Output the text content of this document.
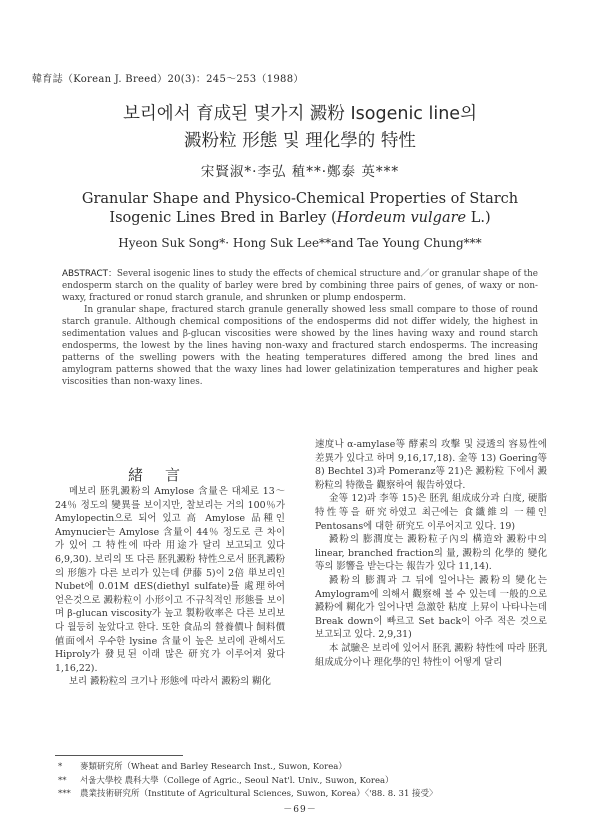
韓育誌（Korean J. Breed）20(3)：245～253（1988）
보리에서 育成된 몇가지 澱粉 Isogenic line의
澱粉粒 形態 및 理化學的 特性
宋賢淑*·李弘 稙**·鄭泰 英***
Granular Shape and Physico-Chemical Properties of Starch
Isogenic Lines Bred in Barley (Hordeum vulgare L.)
Hyeon Suk Song*· Hong Suk Lee**and Tae Young Chung***

ABSTRACT：Several isogenic lines to study the effects of chemical structure and／or granular shape of the endosperm starch on the quality of barley were bred by combining three pairs of genes, of waxy or non-waxy, fractured or ronud starch granule, and shrunken or plump endosperm.

In granular shape, fractured starch granule generally showed less small compare to those of round starch granule. Although chemical compositions of the endosperms did not differ widely, the highest in sedimentation values and β-glucan viscosities were showed by the lines having waxy and round starch endosperms, the lowest by the lines having non-waxy and fractured starch endosperms. The increasing patterns of the swelling powers with the heating temperatures differed among the bred lines and amylogram patterns showed that the waxy lines had lower gelatinization temperatures and higher peak viscosities than non-waxy lines.

緒言

메보리 胚乳澱粉의 Amylose 含量은 대체로 13～24％ 정도의 變異를 보이지만, 찰보리는 거의 100％가 Amylopectin으로 되어 있고 高 Amylose 品種인 Amynucier는 Amylose 含量이 44％ 정도로 큰 차이가 있어 그 特性에 따라 用途가 달리 보고되고 있다 6,9,30). 보리의 또 다른 胚乳澱粉 特性으로서 胚乳澱粉의 形態가 다른 보리가 있는데 伊藤 5)이 2倍 単보리인 Nubet에 0.01M dES(diethyl sulfate)를 處理하여 얻은것으로 澱粉粒이 小形이고 不규칙적인 形態를 보이며 β-glucan viscosity가 높고 製粉收率은 다른 보리보다 월등히 높았다고 한다. 또한 食品의 營養價나 飼料價値面에서 우수한 lysine 含量이 높은 보리에 관해서도 Hiproly가 發見된 이래 많은 研究가 이루어져 왔다 1,16,22).

보리 澱粉粒의 크기나 形態에 따라서 澱粉의 糊化

速度나 α-amylase等 酵素의 攻擊 및 浸透의 容易性에 差異가 있다고 하며 9,16,17,18). 金等 13) Goering等 8) Bechtel 3)과 Pomeranz等 21)은 澱粉粒 下에서 澱粉粒의 特徵을 觀察하여 報告하였다.

金等 12)과 李等 15)은 胚乳 組成成分과 白度, 硬脂特性等을 研究하였고 최근에는 食纖維의 一種인 Pentosans에 대한 研究도 이루어지고 있다. 19)

澱粉의 膨潤度는 澱粉粒子內의 構造와 澱粉中의 linear, branched fraction의 量, 澱粉의 化學的 變化 等의 影響을 받는다는 報告가 있다 11,14).

澱粉의 膨潤과 그 뒤에 일어나는 澱粉의 變化는 Amylogram에 의해서 觀察해 볼 수 있는데 一般的으로 澱粉에 糊化가 일어나면 急激한 粘度 上昇이 나타나는데 Break down이 빠르고 Set back이 아주 적은 것으로 보고되고 있다. 2,9,31)

本 試驗은 보리에 있어서 胚乳 澱粉 特性에 따라 胚乳 組成成分이나 理化學的인 特性이 어떻게 달리

* 麥類研究所（Wheat and Barley Research Inst., Suwon, Korea）
** 서울大學校 農科大學（College of Agric., Seoul Nat'l. Univ., Suwon, Korea）
*** 農業技術研究所（Institute of Agricultural Sciences, Suwon, Korea）〈'88. 8. 31 接受〉
－69－
